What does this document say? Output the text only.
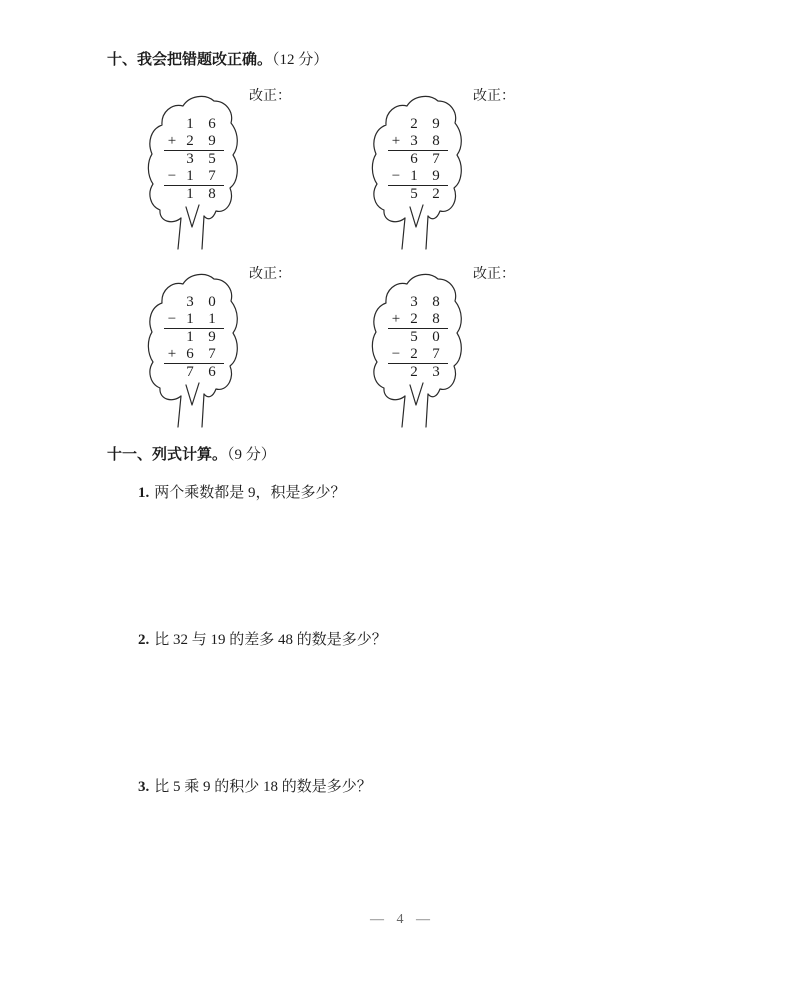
十、我会把错题改正确。（12 分）
1 6
+ 2 9
3 5
− 1 7
1 8
改正：
2 9
+ 3 8
6 7
− 1 9
5 2
改正：
3 0
− 1 1
1 9
+ 6 7
7 6
改正：
3 8
+ 2 8
5 0
− 2 7
2 3
改正：
十一、列式计算。（9 分）
1. 两个乘数都是 9，积是多少？
2. 比 32 与 19 的差多 48 的数是多少？
3. 比 5 乘 9 的积少 18 的数是多少？
— 4 —
